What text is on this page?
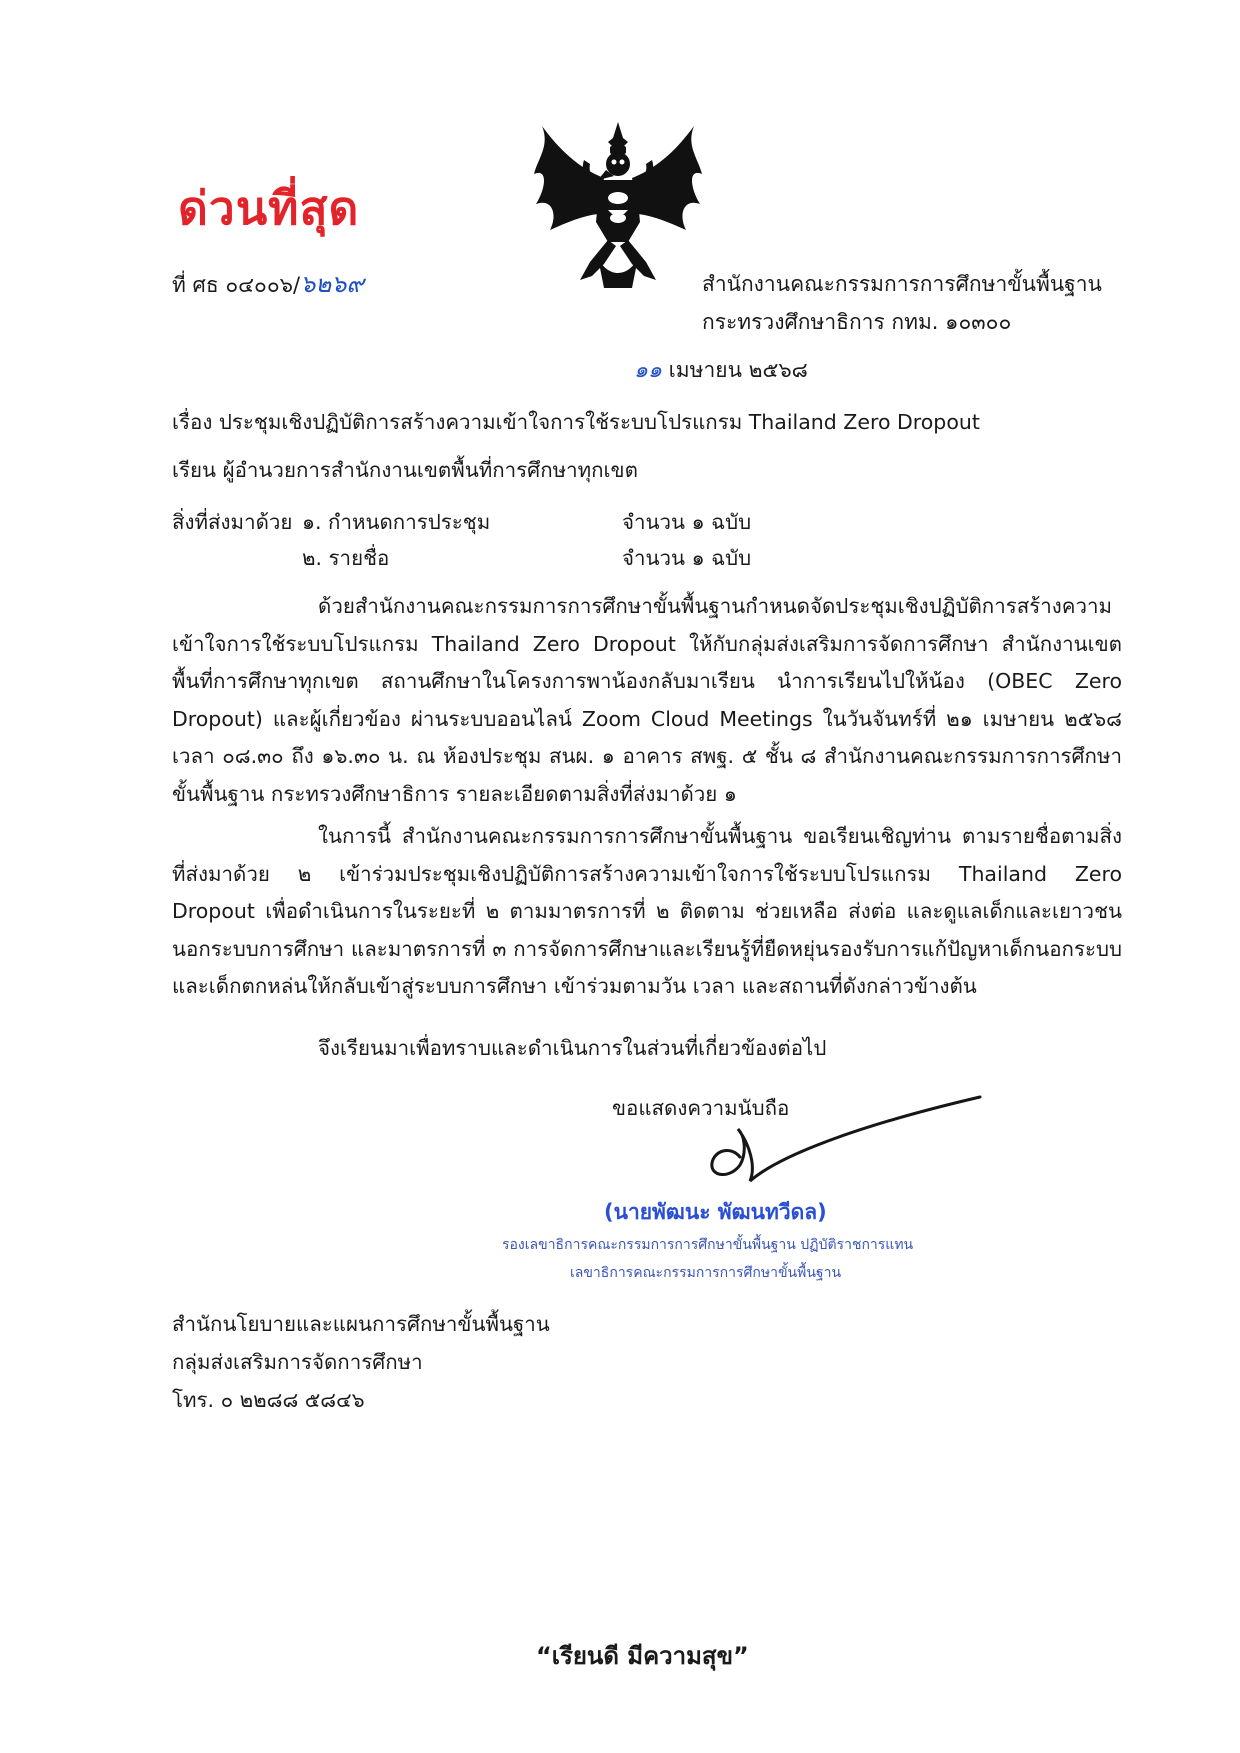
ด่วนที่สุด
ที่ ศธ ๐๔๐๐๖/๖๒๖๙	สำนักงานคณะกรรมการการศึกษาขั้นพื้นฐาน
กระทรวงศึกษาธิการ กทม. ๑๐๓๐๐
๑๑ เมษายน ๒๕๖๘
เรื่อง ประชุมเชิงปฏิบัติการสร้างความเข้าใจการใช้ระบบโปรแกรม Thailand Zero Dropout
เรียน ผู้อำนวยการสำนักงานเขตพื้นที่การศึกษาทุกเขต
สิ่งที่ส่งมาด้วย ๑. กำหนดการประชุม	จำนวน ๑ ฉบับ
๒. รายชื่อ	จำนวน ๑ ฉบับ
ด้วยสำนักงานคณะกรรมการการศึกษาขั้นพื้นฐานกำหนดจัดประชุมเชิงปฏิบัติการสร้างความเข้าใจการใช้ระบบโปรแกรม Thailand Zero Dropout ให้กับกลุ่มส่งเสริมการจัดการศึกษา สำนักงานเขตพื้นที่การศึกษาทุกเขต สถานศึกษาในโครงการพาน้องกลับมาเรียน นำการเรียนไปให้น้อง (OBEC Zero Dropout) และผู้เกี่ยวข้อง ผ่านระบบออนไลน์ Zoom Cloud Meetings ในวันจันทร์ที่ ๒๑ เมษายน ๒๕๖๘ เวลา ๐๘.๓๐ ถึง ๑๖.๓๐ น. ณ ห้องประชุม สนผ. ๑ อาคาร สพฐ. ๕ ชั้น ๘ สำนักงานคณะกรรมการการศึกษาขั้นพื้นฐาน กระทรวงศึกษาธิการ รายละเอียดตามสิ่งที่ส่งมาด้วย ๑
ในการนี้ สำนักงานคณะกรรมการการศึกษาขั้นพื้นฐาน ขอเรียนเชิญท่าน ตามรายชื่อตามสิ่งที่ส่งมาด้วย ๒ เข้าร่วมประชุมเชิงปฏิบัติการสร้างความเข้าใจการใช้ระบบโปรแกรม Thailand Zero Dropout เพื่อดำเนินการในระยะที่ ๒ ตามมาตรการที่ ๒ ติดตาม ช่วยเหลือ ส่งต่อ และดูแลเด็กและเยาวชนนอกระบบการศึกษา และมาตรการที่ ๓ การจัดการศึกษาและเรียนรู้ที่ยืดหยุ่นรองรับการแก้ปัญหาเด็กนอกระบบและเด็กตกหล่นให้กลับเข้าสู่ระบบการศึกษา เข้าร่วมตามวัน เวลา และสถานที่ดังกล่าวข้างต้น
จึงเรียนมาเพื่อทราบและดำเนินการในส่วนที่เกี่ยวข้องต่อไป
ขอแสดงความนับถือ
(นายพัฒนะ พัฒนทวีดล)
รองเลขาธิการคณะกรรมการการศึกษาขั้นพื้นฐาน ปฏิบัติราชการแทน
เลขาธิการคณะกรรมการการศึกษาขั้นพื้นฐาน
สำนักนโยบายและแผนการศึกษาขั้นพื้นฐาน
กลุ่มส่งเสริมการจัดการศึกษา
โทร. ๐ ๒๒๘๘ ๕๘๔๖
“เรียนดี มีความสุข”
